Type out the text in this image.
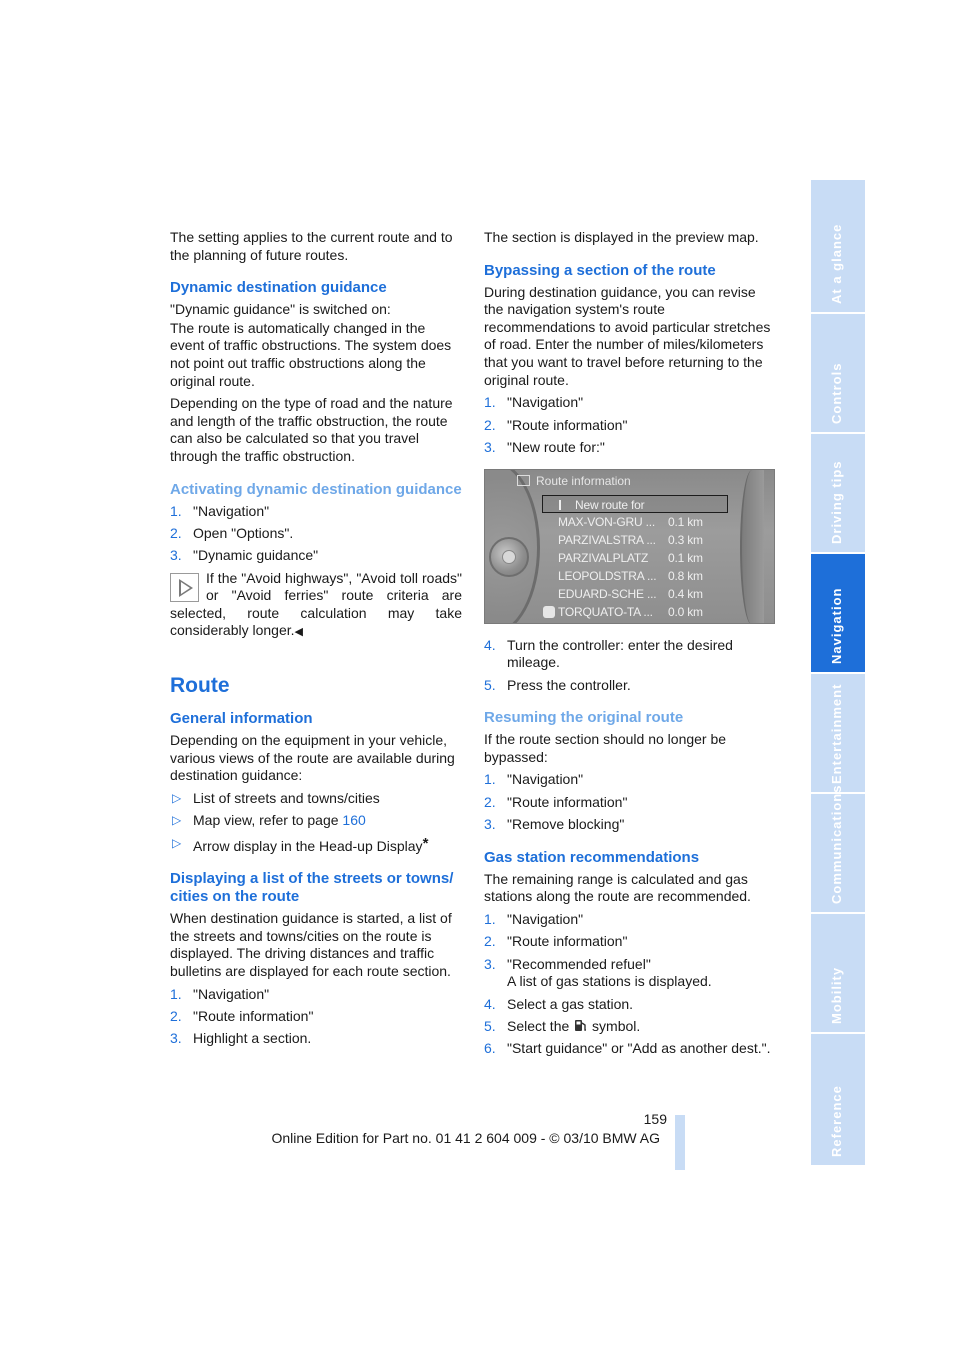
The setting applies to the current route and to the planning of future routes.

Dynamic destination guidance
"Dynamic guidance" is switched on:

The route is automatically changed in the event of traffic obstructions. The system does not point out traffic obstructions along the original route.

Depending on the type of road and the nature and length of the traffic obstruction, the route can also be calculated so that you travel through the traffic obstruction.

Activating dynamic destination guidance
1. "Navigation"
2. Open "Options".
3. "Dynamic guidance"

If the "Avoid highways", "Avoid toll roads" or "Avoid ferries" route criteria are selected, route calculation may take considerably longer.◀

Route
General information

Depending on the equipment in your vehicle, various views of the route are available during destination guidance:

▷ List of streets and towns/cities
▷ Map view, refer to page 160
▷ Arrow display in the Head-up Display*
Displaying a list of the streets or towns/ cities on the route

When destination guidance is started, a list of the streets and towns/cities on the route is displayed. The driving distances and traffic bulletins are displayed for each route section.

1. "Navigation"
2. "Route information"
3. Highlight a section.

The section is displayed in the preview map.

Bypassing a section of the route

During destination guidance, you can revise the navigation system's route recommendations to avoid particular stretches of road. Enter the number of miles/kilometers that you want to travel before returning to the original route.

1. "Navigation"
2. "Route information"
3. "New route for:"
Route information
New route for
MAX-VON-GRU ... 0.1 km
PARZIVALSTRA ... 0.3 km
PARZIVALPLATZ 0.1 km
LEOPOLDSTRA ... 0.8 km
EDUARD-SCHE ... 0.4 km
TORQUATO-TA ... 0.0 km
4. Turn the controller: enter the desired mileage.
5. Press the controller.
Resuming the original route

If the route section should no longer be bypassed:

1. "Navigation"
2. "Route information"
3. "Remove blocking"
Gas station recommendations

The remaining range is calculated and gas stations along the route are recommended.

1. "Navigation"
2. "Route information"
3. "Recommended refuel"
A list of gas stations is displayed.
4. Select a gas station.
5. Select the  symbol.
6. "Start guidance" or "Add as another dest.".
At a glance
Controls
Driving tips
Navigation
Entertainment
Communications
Mobility
Reference
159
Online Edition for Part no. 01 41 2 604 009 - © 03/10 BMW AG
